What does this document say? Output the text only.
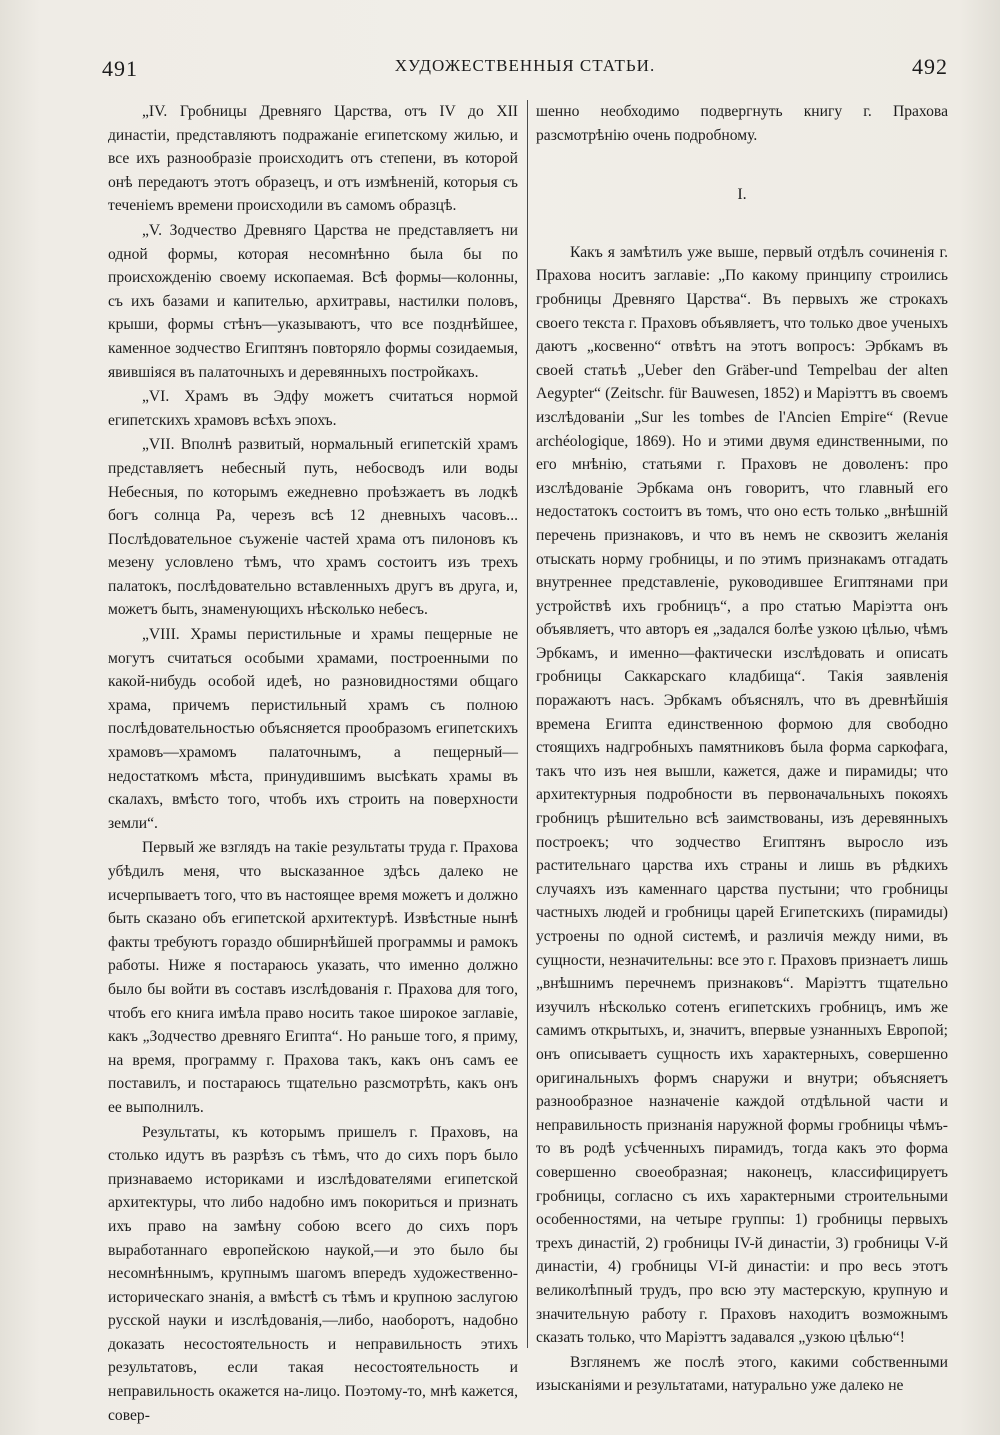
491	ХУДОЖЕСТВЕННЫЯ СТАТЬИ.	492

„IV. Гробницы Древняго Царства, отъ IV до XII династіи, представляютъ подражаніе египетскому жилью, и все ихъ разнообразіе происходитъ отъ степени, въ которой онѣ передаютъ этотъ образецъ, и отъ измѣненій, которыя съ теченіемъ времени происходили въ самомъ образцѣ.

„V. Зодчество Древняго Царства не представляетъ ни одной формы, которая несомнѣнно была бы по происхожденію своему ископаемая. Всѣ формы—колонны, съ ихъ базами и капителью, архитравы, настилки половъ, крыши, формы стѣнъ—указываютъ, что все позднѣйшее, каменное зодчество Египтянъ повторяло формы созидаемыя, явившіяся въ палаточныхъ и деревянныхъ постройкахъ.

„VI. Храмъ въ Эдфу можетъ считаться нормой египетскихъ храмовъ всѣхъ эпохъ.

„VII. Вполнѣ развитый, нормальный египетскій храмъ представляетъ небесный путь, небосводъ или воды Небесныя, по которымъ ежедневно проѣзжаетъ въ лодкѣ богъ солнца Ра, черезъ всѣ 12 дневныхъ часовъ... Послѣдовательное съуженіе частей храма отъ пилоновъ къ мезену условлено тѣмъ, что храмъ состоитъ изъ трехъ палатокъ, послѣдовательно вставленныхъ другъ въ друга, и, можетъ быть, знаменующихъ нѣсколько небесъ.

„VIII. Храмы перистильные и храмы пещерные не могутъ считаться особыми храмами, построенными по какой-нибудь особой идеѣ, но разновидностями общаго храма, причемъ перистильный храмъ съ полною послѣдовательностью объясняется прообразомъ египетскихъ храмовъ—храмомъ палаточнымъ, а пещерный—недостаткомъ мѣста, принудившимъ высѣкать храмы въ скалахъ, вмѣсто того, чтобъ ихъ строить на поверхности земли“.

Первый же взглядъ на такіе результаты труда г. Прахова убѣдилъ меня, что высказанное здѣсь далеко не исчерпываетъ того, что въ настоящее время можетъ и должно быть сказано объ египетской архитектурѣ. Извѣстные нынѣ факты требуютъ гораздо обширнѣйшей программы и рамокъ работы. Ниже я постараюсь указать, что именно должно было бы войти въ составъ изслѣдованія г. Прахова для того, чтобъ его книга имѣла право носить такое широкое заглавіе, какъ „Зодчество древняго Египта“. Но раньше того, я приму, на время, программу г. Прахова такъ, какъ онъ самъ ее поставилъ, и постараюсь тщательно разсмотрѣть, какъ онъ ее выполнилъ.

Результаты, къ которымъ пришелъ г. Праховъ, на столько идутъ въ разрѣзъ съ тѣмъ, что до сихъ поръ было признаваемо историками и изслѣдователями египетской архитектуры, что либо надобно имъ покориться и признать ихъ право на замѣну собою всего до сихъ поръ выработаннаго европейскою наукой,—и это было бы несомнѣннымъ, крупнымъ шагомъ впередъ художественно-историческаго знанія, а вмѣстѣ съ тѣмъ и крупною заслугою русской науки и изслѣдованія,—либо, наоборотъ, надобно доказать несостоятельность и неправильность этихъ результатовъ, если такая несостоятельность и неправильность окажется на-лицо. Поэтому-то, мнѣ кажется, совер-

шенно необходимо подвергнуть книгу г. Прахова разсмотрѣнію очень подробному.

I.

Какъ я замѣтилъ уже выше, первый отдѣлъ сочиненія г. Прахова носитъ заглавіе: „По какому принципу строились гробницы Древняго Царства“. Въ первыхъ же строкахъ своего текста г. Праховъ объявляетъ, что только двое ученыхъ даютъ „косвенно“ отвѣтъ на этотъ вопросъ: Эрбкамъ въ своей статьѣ „Ueber den Gräber-und Tempelbau der alten Aegypter“ (Zeitschr. für Bauwesen, 1852) и Маріэттъ въ своемъ изслѣдованіи „Sur les tombes de l'Ancien Empire“ (Revue archéologique, 1869). Но и этими двумя единственными, по его мнѣнію, статьями г. Праховъ не доволенъ: про изслѣдованіе Эрбкама онъ говоритъ, что главный его недостатокъ состоитъ въ томъ, что оно есть только „внѣшній перечень признаковъ, и что въ немъ не сквозитъ желанія отыскать норму гробницы, и по этимъ признакамъ отгадать внутреннее представленіе, руководившее Египтянами при устройствѣ ихъ гробницъ“, а про статью Маріэтта онъ объявляетъ, что авторъ ея „задался болѣе узкою цѣлью, чѣмъ Эрбкамъ, и именно—фактически изслѣдовать и описать гробницы Саккарскаго кладбища“. Такія заявленія поражаютъ насъ. Эрбкамъ объяснялъ, что въ древнѣйшія времена Египта единственною формою для свободно стоящихъ надгробныхъ памятниковъ была форма саркофага, такъ что изъ нея вышли, кажется, даже и пирамиды; что архитектурныя подробности въ первоначальныхъ покояхъ гробницъ рѣшительно всѣ заимствованы, изъ деревянныхъ построекъ; что зодчество Египтянъ выросло изъ растительнаго царства ихъ страны и лишь въ рѣдкихъ случаяхъ изъ каменнаго царства пустыни; что гробницы частныхъ людей и гробницы царей Египетскихъ (пирамиды) устроены по одной системѣ, и различія между ними, въ сущности, незначительны: все это г. Праховъ признаетъ лишь „внѣшнимъ перечнемъ признаковъ“. Маріэттъ тщательно изучилъ нѣсколько сотенъ египетскихъ гробницъ, имъ же самимъ открытыхъ, и, значитъ, впервые узнанныхъ Европой; онъ описываетъ сущность ихъ характерныхъ, совершенно оригинальныхъ формъ снаружи и внутри; объясняетъ разнообразное назначеніе каждой отдѣльной части и неправильность признанія наружной формы гробницы чѣмъ-то въ родѣ усѣченныхъ пирамидъ, тогда какъ это форма совершенно своеобразная; наконецъ, классифицируетъ гробницы, согласно съ ихъ характерными строительными особенностями, на четыре группы: 1) гробницы первыхъ трехъ династій, 2) гробницы IV-й династіи, 3) гробницы V-й династіи, 4) гробницы VI-й династіи: и про весь этотъ великолѣпный трудъ, про всю эту мастерскую, крупную и значительную работу г. Праховъ находитъ возможнымъ сказать только, что Маріэттъ задавался „узкою цѣлью“!

Взглянемъ же послѣ этого, какими собственными изысканіями и результатами, натурально уже далеко не
